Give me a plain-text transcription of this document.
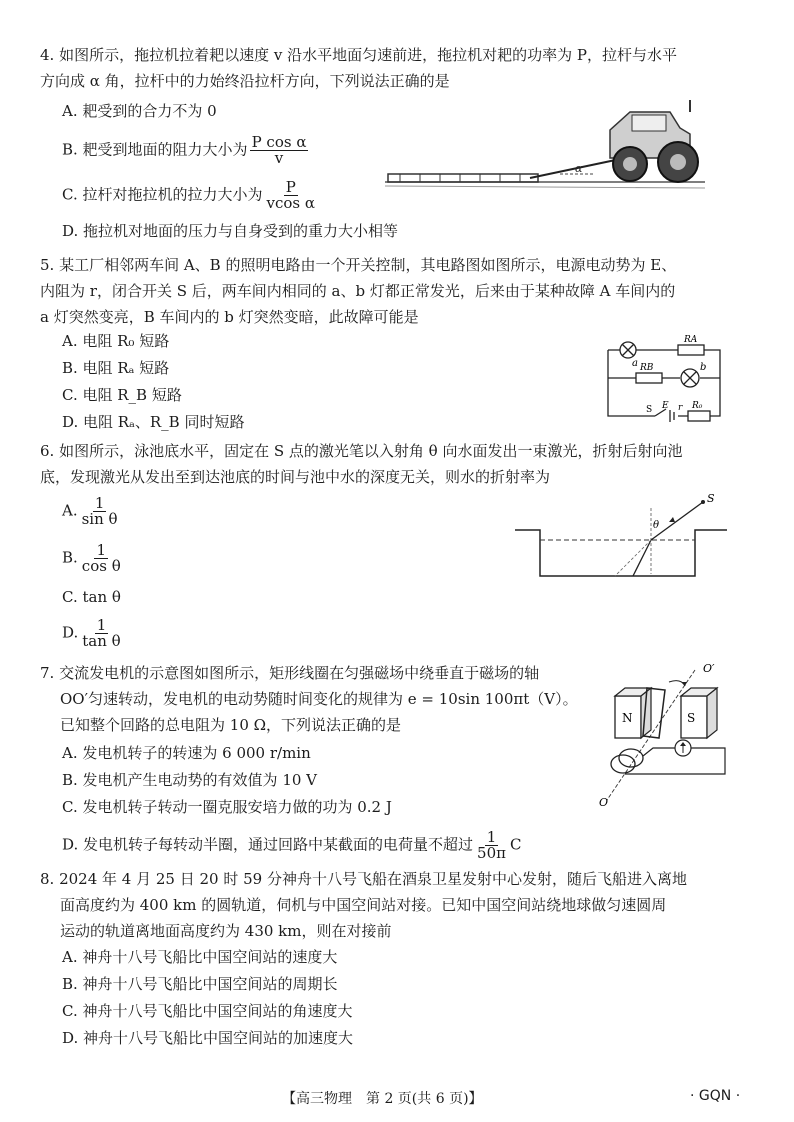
4. 如图所示，拖拉机拉着耙以速度 v 沿水平地面匀速前进，拖拉机对耙的功率为 P，拉杆与水平
方向成 α 角，拉杆中的力始终沿拉杆方向，下列说法正确的是
A. 耙受到的合力不为 0
B. 耙受到地面的阻力大小为 $\frac{\text{P cos α}}{v}$
C. 拉杆对拖拉机的拉力大小为 $\frac{P}{\text{vcos α}}$
D. 拖拉机对地面的压力与自身受到的重力大小相等
α
5. 某工厂相邻两车间 A、B 的照明电路由一个开关控制，其电路图如图所示，电源电动势为 E、
内阻为 r，闭合开关 S 后，两车间内相同的 a、b 灯都正常发光，后来由于某种故障 A 车间内的
a 灯突然变亮，B 车间内的 b 灯突然变暗，此故障可能是
A. 电阻 R₀ 短路
B. 电阻 Rₐ 短路
C. 电阻 R_B 短路
D. 电阻 Rₐ、R_B 同时短路
a	b
RA
RB
R₀
S E r
6. 如图所示，泳池底水平，固定在 S 点的激光笔以入射角 θ 向水面发出一束激光，折射后射向池
底，发现激光从发出至到达池底的时间与池中水的深度无关，则水的折射率为
A. $\frac{1}{\text{sin θ}}$
B. $\frac{1}{\text{cos θ}}$
C. tan θ
D. $\frac{1}{\text{tan θ}}$
S
θ
7. 交流发电机的示意图如图所示，矩形线圈在匀强磁场中绕垂直于磁场的轴
OO′匀速转动，发电机的电动势随时间变化的规律为 e = 10sin 100πt（V）。
已知整个回路的总电阻为 10 Ω，下列说法正确的是
A. 发电机转子的转速为 6 000 r/min
B. 发电机产生电动势的有效值为 10 V
C. 发电机转子转动一圈克服安培力做的功为 0.2 J
D. 发电机转子每转动半圈，通过回路中某截面的电荷量不超过 $\frac{1}{50\pi}$ C
N	S
O′
O
8. 2024 年 4 月 25 日 20 时 59 分神舟十八号飞船在酒泉卫星发射中心发射，随后飞船进入离地
面高度约为 400 km 的圆轨道，伺机与中国空间站对接。已知中国空间站绕地球做匀速圆周
运动的轨道离地面高度约为 430 km，则在对接前
A. 神舟十八号飞船比中国空间站的速度大
B. 神舟十八号飞船比中国空间站的周期长
C. 神舟十八号飞船比中国空间站的角速度大
D. 神舟十八号飞船比中国空间站的加速度大
【高三物理　第 2 页(共 6 页)】	· GQN ·
